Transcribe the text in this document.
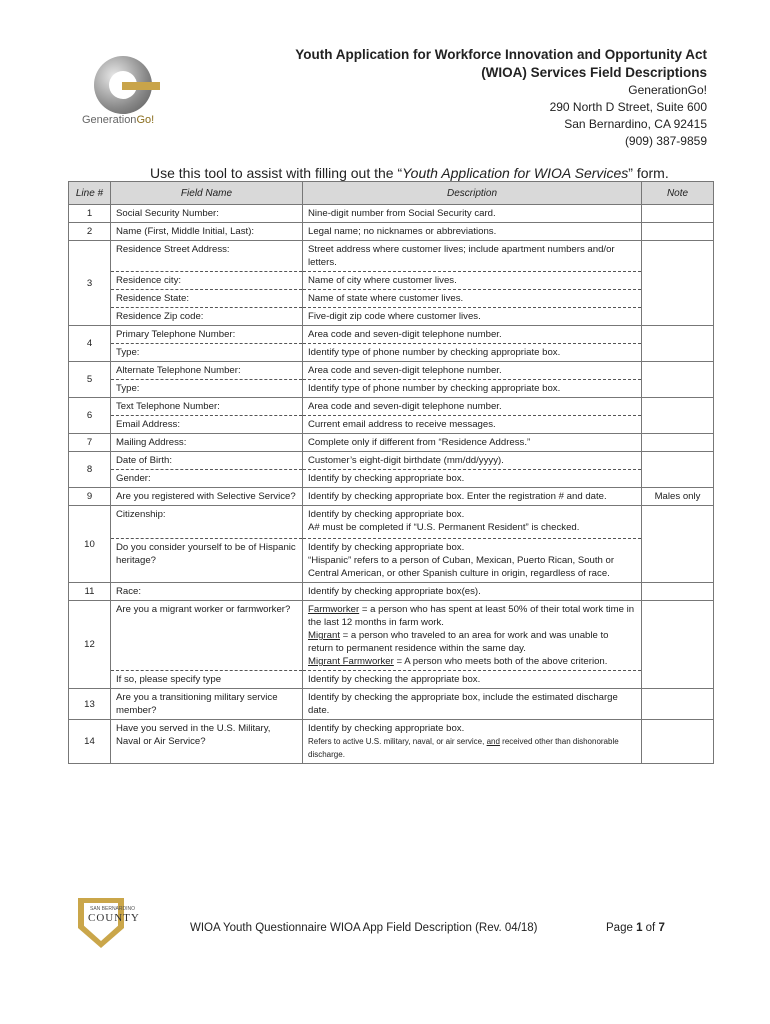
GenerationGo!
Youth Application for Workforce Innovation and Opportunity Act
(WIOA) Services Field Descriptions
GenerationGo!
290 North D Street, Suite 600
San Bernardino, CA 92415
(909) 387-9859
Use this tool to assist with filling out the “Youth Application for WIOA Services” form.
Line #	Field Name	Description	Note
1	Social Security Number:	Nine-digit number from Social Security card.	
2	Name (First, Middle Initial, Last):	Legal name; no nicknames or abbreviations.	
3	Residence Street Address:	Street address where customer lives; include apartment numbers and/or letters.	
	Residence city:	Name of city where customer lives.	
	Residence State:	Name of state where customer lives.	
	Residence Zip code:	Five-digit zip code where customer lives.	
4	Primary Telephone Number:	Area code and seven-digit telephone number.	
	Type:	Identify type of phone number by checking appropriate box.	
5	Alternate Telephone Number:	Area code and seven-digit telephone number.	
	Type:	Identify type of phone number by checking appropriate box.	
6	Text Telephone Number:	Area code and seven-digit telephone number.	
	Email Address:	Current email address to receive messages.	
7	Mailing Address:	Complete only if different from “Residence Address.”	
8	Date of Birth:	Customer’s eight-digit birthdate (mm/dd/yyyy).	
	Gender:	Identify by checking appropriate box.	
9	Are you registered with Selective Service?	Identify by checking appropriate box. Enter the registration # and date.	Males only
10	Citizenship:	Identify by checking appropriate box.
A# must be completed if “U.S. Permanent Resident” is checked.	

	Do you consider yourself to be of Hispanic heritage?	Identify by checking appropriate box.
“Hispanic” refers to a person of Cuban, Mexican, Puerto Rican, South or Central American, or other Spanish culture in origin, regardless of race.	

11	Race:	Identify by checking appropriate box(es).	
12	Are you a migrant worker or farmworker?	Farmworker = a person who has spent at least 50% of their total work time in the last 12 months in farm work.
Migrant = a person who traveled to an area for work and was unable to return to permanent residence within the same day.
Migrant Farmworker = A person who meets both of the above criterion.	

	If so, please specify type	Identify by checking the appropriate box.	
13	Are you a transitioning military service member?	Identify by checking the appropriate box, include the estimated discharge date.	
14	Have you served in the U.S. Military, Naval or Air Service?	Identify by checking appropriate box.
Refers to active U.S. military, naval, or air service, and received other than dishonorable discharge.	

SAN BERNARDINO
COUNTY
WIOA Youth Questionnaire WIOA App Field Description (Rev. 04/18)	Page 1 of 7
